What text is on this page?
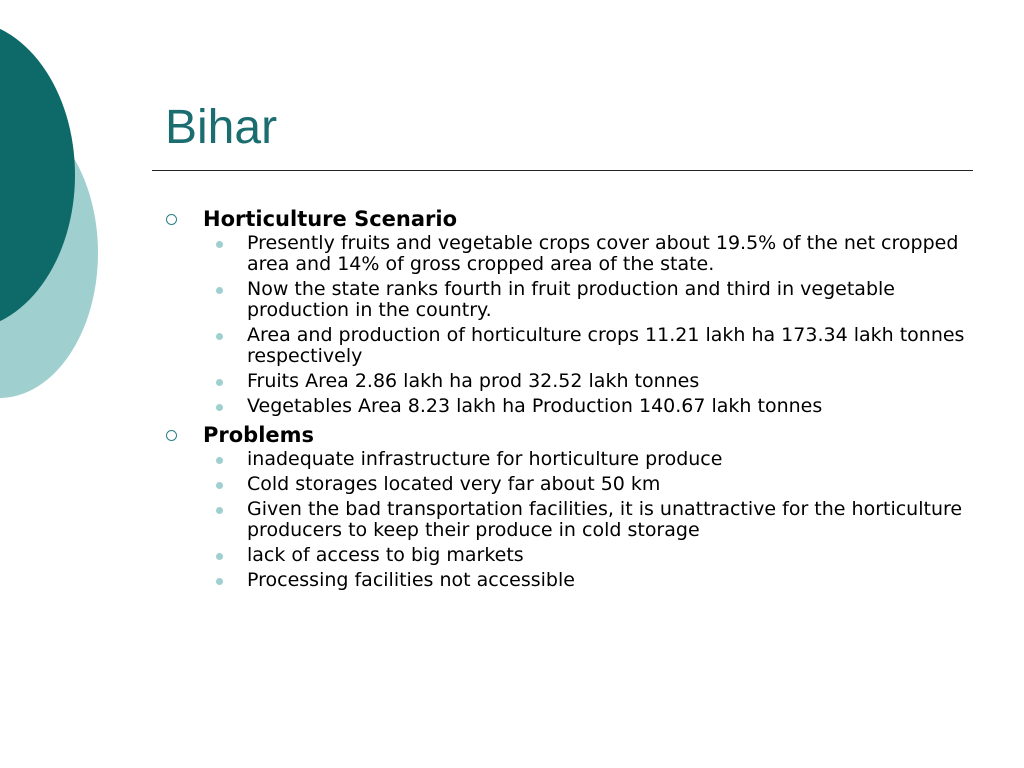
Bihar
Horticulture Scenario
Presently fruits and vegetable crops cover about 19.5% of the net cropped area and 14% of gross cropped area of the state.
Now the state ranks fourth in fruit production and third in vegetable production in the country.
Area and production of horticulture crops 11.21 lakh ha 173.34 lakh tonnes respectively
Fruits Area 2.86 lakh ha prod 32.52 lakh tonnes
Vegetables Area 8.23 lakh ha Production 140.67 lakh tonnes
Problems
inadequate infrastructure for horticulture produce
Cold storages located very far about 50 km
Given the bad transportation facilities, it is unattractive for the horticulture producers to keep their produce in cold storage
lack of access to big markets
Processing facilities not accessible
